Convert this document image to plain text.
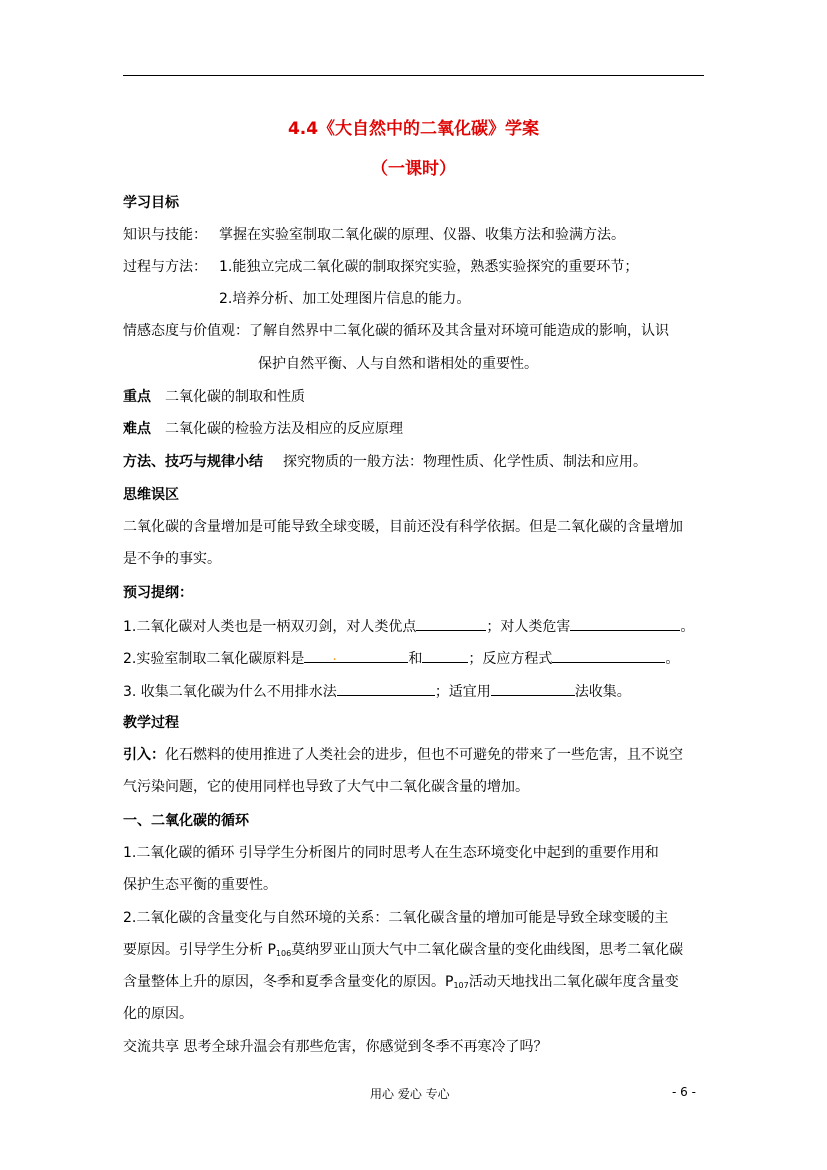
4.4《大自然中的二氧化碳》学案
（一课时）
学习目标
知识与技能： 掌握在实验室制取二氧化碳的原理、仪器、收集方法和验满方法。
过程与方法： 1.能独立完成二氧化碳的制取探究实验，熟悉实验探究的重要环节；
2.培养分析、加工处理图片信息的能力。
情感态度与价值观：了解自然界中二氧化碳的循环及其含量对环境可能造成的影响，认识
保护自然平衡、人与自然和谐相处的重要性。
重点 二氧化碳的制取和性质
难点 二氧化碳的检验方法及相应的反应原理
方法、技巧与规律小结 探究物质的一般方法：物理性质、化学性质、制法和应用。
思维误区
二氧化碳的含量增加是可能导致全球变暖，目前还没有科学依据。但是二氧化碳的含量增加
是不争的事实。
预习提纲：
1.二氧化碳对人类也是一柄双刃剑，对人类优点	；对人类危害	。
2.实验室制取二氧化碳原料是 .	和	；反应方程式	。
3. 收集二氧化碳为什么不用排水法	；适宜用	法收集。
教学过程
引入：化石燃料的使用推进了人类社会的进步，但也不可避免的带来了一些危害，且不说空
气污染问题，它的使用同样也导致了大气中二氧化碳含量的增加。
一、二氧化碳的循环
1.二氧化碳的循环 引导学生分析图片的同时思考人在生态环境变化中起到的重要作用和
保护生态平衡的重要性。
2.二氧化碳的含量变化与自然环境的关系：二氧化碳含量的增加可能是导致全球变暖的主
要原因。引导学生分析 $P_{106}$莫纳罗亚山顶大气中二氧化碳含量的变化曲线图，思考二氧化碳
含量整体上升的原因，冬季和夏季含量变化的原因。$P_{107}$活动天地找出二氧化碳年度含量变
化的原因。
交流共享 思考全球升温会有那些危害，你感觉到冬季不再寒冷了吗？
用心 爱心 专心	- 6 -
